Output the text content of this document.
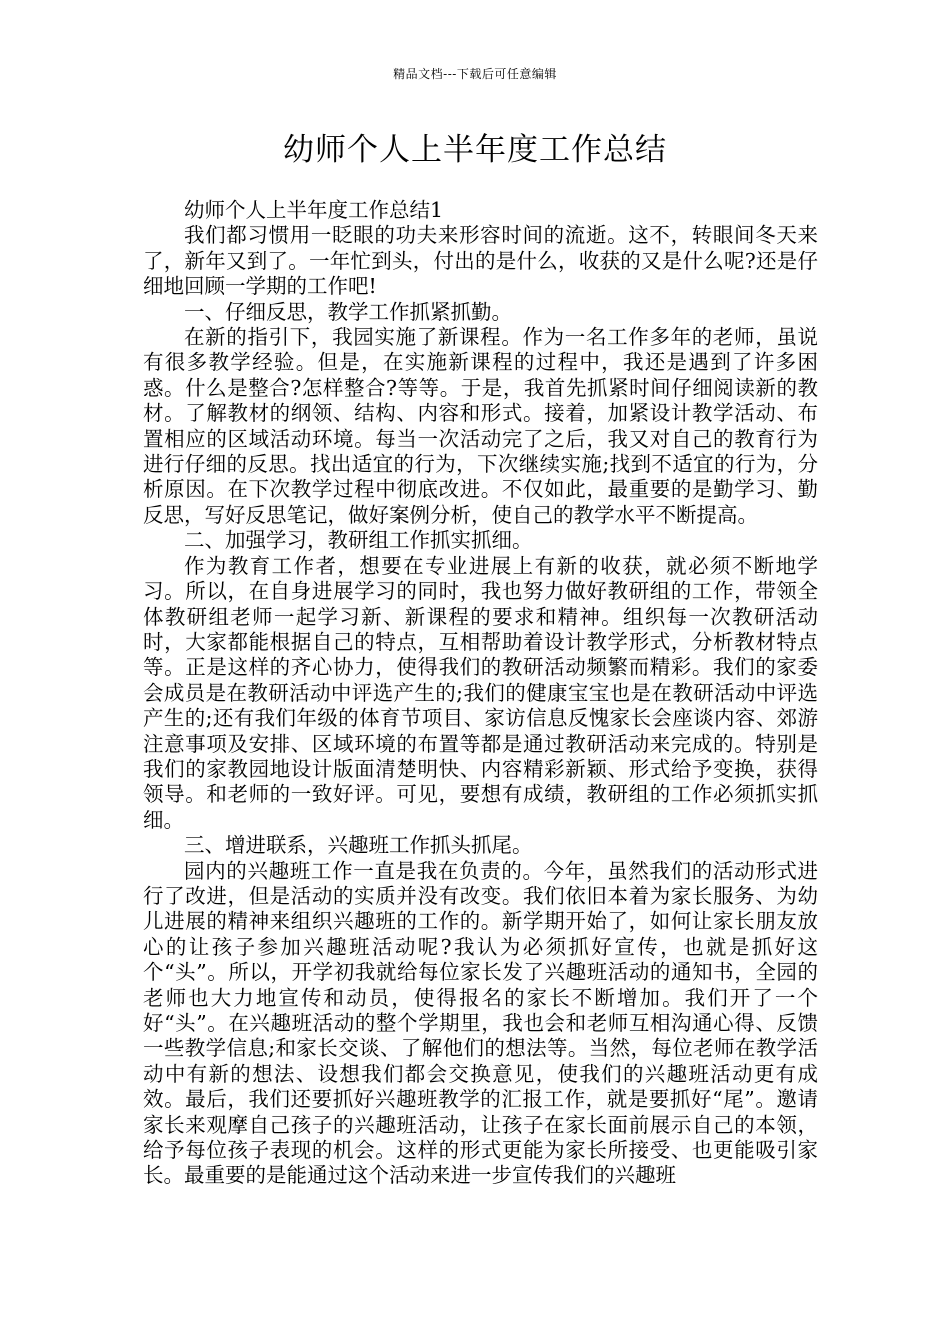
精品文档---下载后可任意编辑
幼师个人上半年度工作总结

幼师个人上半年度工作总结1

我们都习惯用一眨眼的功夫来形容时间的流逝。这不，转眼间冬天来了，新年又到了。一年忙到头，付出的是什么，收获的又是什么呢?还是仔细地回顾一学期的工作吧!

一、仔细反思，教学工作抓紧抓勤。

在新的指引下，我园实施了新课程。作为一名工作多年的老师，虽说有很多教学经验。但是，在实施新课程的过程中，我还是遇到了许多困惑。什么是整合?怎样整合?等等。于是，我首先抓紧时间仔细阅读新的教材。了解教材的纲领、结构、内容和形式。接着，加紧设计教学活动、布置相应的区域活动环境。每当一次活动完了之后，我又对自己的教育行为进行仔细的反思。找出适宜的行为，下次继续实施;找到不适宜的行为，分析原因。在下次教学过程中彻底改进。不仅如此，最重要的是勤学习、勤反思，写好反思笔记，做好案例分析，使自己的教学水平不断提高。

二、加强学习，教研组工作抓实抓细。

作为教育工作者，想要在专业进展上有新的收获，就必须不断地学习。所以，在自身进展学习的同时，我也努力做好教研组的工作，带领全体教研组老师一起学习新、新课程的要求和精神。组织每一次教研活动时，大家都能根据自己的特点，互相帮助着设计教学形式，分析教材特点等。正是这样的齐心协力，使得我们的教研活动频繁而精彩。我们的家委会成员是在教研活动中评选产生的;我们的健康宝宝也是在教研活动中评选产生的;还有我们年级的体育节项目、家访信息反愧家长会座谈内容、郊游注意事项及安排、区域环境的布置等都是通过教研活动来完成的。特别是我们的家教园地设计版面清楚明快、内容精彩新颖、形式给予变换，获得领导。和老师的一致好评。可见，要想有成绩，教研组的工作必须抓实抓细。

三、增进联系，兴趣班工作抓头抓尾。

园内的兴趣班工作一直是我在负责的。今年，虽然我们的活动形式进行了改进，但是活动的实质并没有改变。我们依旧本着为家长服务、为幼儿进展的精神来组织兴趣班的工作的。新学期开始了，如何让家长朋友放心的让孩子参加兴趣班活动呢?我认为必须抓好宣传，也就是抓好这个“头”。所以，开学初我就给每位家长发了兴趣班活动的通知书，全园的老师也大力地宣传和动员，使得报名的家长不断增加。我们开了一个好“头”。在兴趣班活动的整个学期里，我也会和老师互相沟通心得、反馈一些教学信息;和家长交谈、了解他们的想法等。当然，每位老师在教学活动中有新的想法、设想我们都会交换意见，使我们的兴趣班活动更有成效。最后，我们还要抓好兴趣班教学的汇报工作，就是要抓好“尾”。邀请家长来观摩自己孩子的兴趣班活动，让孩子在家长面前展示自己的本领，给予每位孩子表现的机会。这样的形式更能为家长所接受、也更能吸引家长。最重要的是能通过这个活动来进一步宣传我们的兴趣班
